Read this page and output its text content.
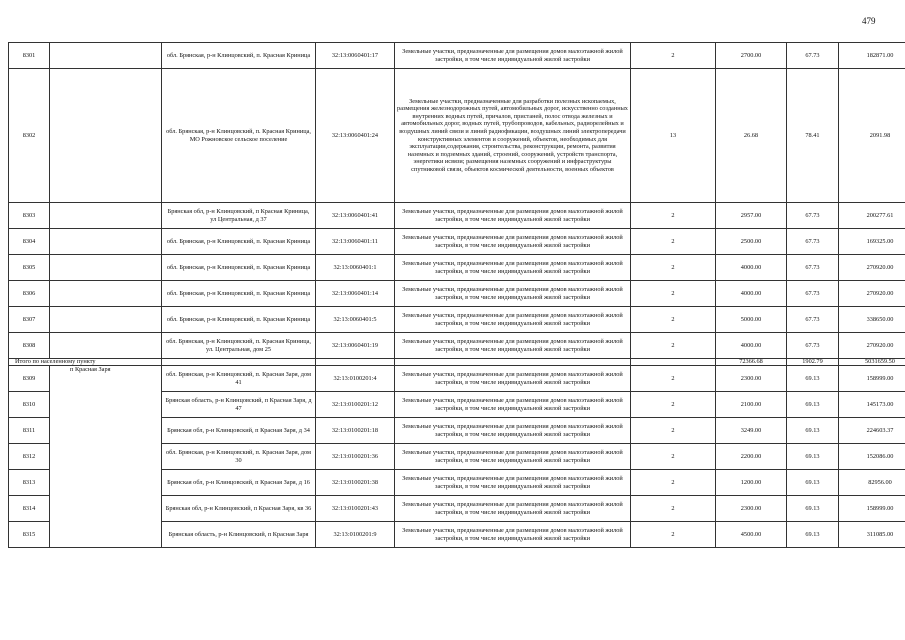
479
8301		обл. Брянская, р-н Клинцовский, п. Красная Криница	32:13:0060401:17	Земельные участки, предназначенные для размещения домов малоэтажной жилой застройки, в том числе индивидуальной жилой застройки	2	2700.00	67.73	182871.00
8302		обл. Брянская, р-н Клинцовский, п. Красная Криница, МО Рожновское сельское поселение	32:13:0060401:24	Земельные участки, предназначенные для разработки полезных ископаемых, размещения железнодорожных путей, автомобильных дорог, искусственно созданных внутренних водных путей, причалов, пристаней, полос отвода железных и автомобильных дорог, водных путей, трубопроводов, кабельных, радиорелейных и воздушных линий связи и линий радиофикации, воздушных линий электропередачи конструктивных элементов и сооружений, объектов, необходимых для эксплуатации,содержания, строительства, реконструкции, ремонта, развития наземных и подземных зданий, строений, сооружений, устройств транспорта, энергетики исвязи; размещения наземных сооружений и инфраструктуры спутниковой связи, объектов космической деятельности, военных объектов	13	26.68	78.41	2091.98
8303		Брянская обл, р-н Клинцовский, п Красная Криница, ул Центральная, д 37	32:13:0060401:41	Земельные участки, предназначенные для размещения домов малоэтажной жилой застройки, в том числе индивидуальной жилой застройки	2	2957.00	67.73	200277.61
8304		обл. Брянская, р-н Клинцовский, п. Красная Криница	32:13:0060401:11	Земельные участки, предназначенные для размещения домов малоэтажной жилой застройки, в том числе индивидуальной жилой застройки	2	2500.00	67.73	169325.00
8305		обл. Брянская, р-н Клинцовский, п. Красная Криница	32:13:0060401:1	Земельные участки, предназначенные для размещения домов малоэтажной жилой застройки, в том числе индивидуальной жилой застройки	2	4000.00	67.73	270920.00
8306		обл. Брянская, р-н Клинцовский, п. Красная Криница	32:13:0060401:14	Земельные участки, предназначенные для размещения домов малоэтажной жилой застройки, в том числе индивидуальной жилой застройки	2	4000.00	67.73	270920.00
8307		обл. Брянская, р-н Клинцовский, п. Красная Криница	32:13:0060401:5	Земельные участки, предназначенные для размещения домов малоэтажной жилой застройки, в том числе индивидуальной жилой застройки	2	5000.00	67.73	338650.00
8308		обл. Брянская, р-н Клинцовский, п. Красная Криница, ул. Центральная, дом 25	32:13:0060401:19	Земельные участки, предназначенные для размещения домов малоэтажной жилой застройки, в том числе индивидуальной жилой застройки	2	4000.00	67.73	270920.00
Итого по населенному пункту						72366.68	1902.79	5031659.50
8309	п Красная Заря	обл. Брянская, р-н Клинцовский, п. Красная Заря, дом 41	32:13:0100201:4	Земельные участки, предназначенные для размещения домов малоэтажной жилой застройки, в том числе индивидуальной жилой застройки	2	2300.00	69.13	158999.00
8310		Брянская область, р-н Клинцовский, п Красная Заря, д 47	32:13:0100201:12	Земельные участки, предназначенные для размещения домов малоэтажной жилой застройки, в том числе индивидуальной жилой застройки	2	2100.00	69.13	145173.00
8311		Брянская обл, р-н Клинцовский, п Красная Заря, д 34	32:13:0100201:18	Земельные участки, предназначенные для размещения домов малоэтажной жилой застройки, в том числе индивидуальной жилой застройки	2	3249.00	69.13	224603.37
8312		обл. Брянская, р-н Клинцовский, п. Красная Заря, дом 30	32:13:0100201:36	Земельные участки, предназначенные для размещения домов малоэтажной жилой застройки, в том числе индивидуальной жилой застройки	2	2200.00	69.13	152086.00
8313		Брянская обл, р-н Клинцовский, п Красная Заря, д 16	32:13:0100201:38	Земельные участки, предназначенные для размещения домов малоэтажной жилой застройки, в том числе индивидуальной жилой застройки	2	1200.00	69.13	82956.00
8314		Брянская обл, р-н Клинцовский, п Красная Заря, кв 36	32:13:0100201:43	Земельные участки, предназначенные для размещения домов малоэтажной жилой застройки, в том числе индивидуальной жилой застройки	2	2300.00	69.13	158999.00
8315		Брянская область, р-н Клинцовский, п Красная Заря	32:13:0100201:9	Земельные участки, предназначенные для размещения домов малоэтажной жилой застройки, в том числе индивидуальной жилой застройки	2	4500.00	69.13	311085.00
